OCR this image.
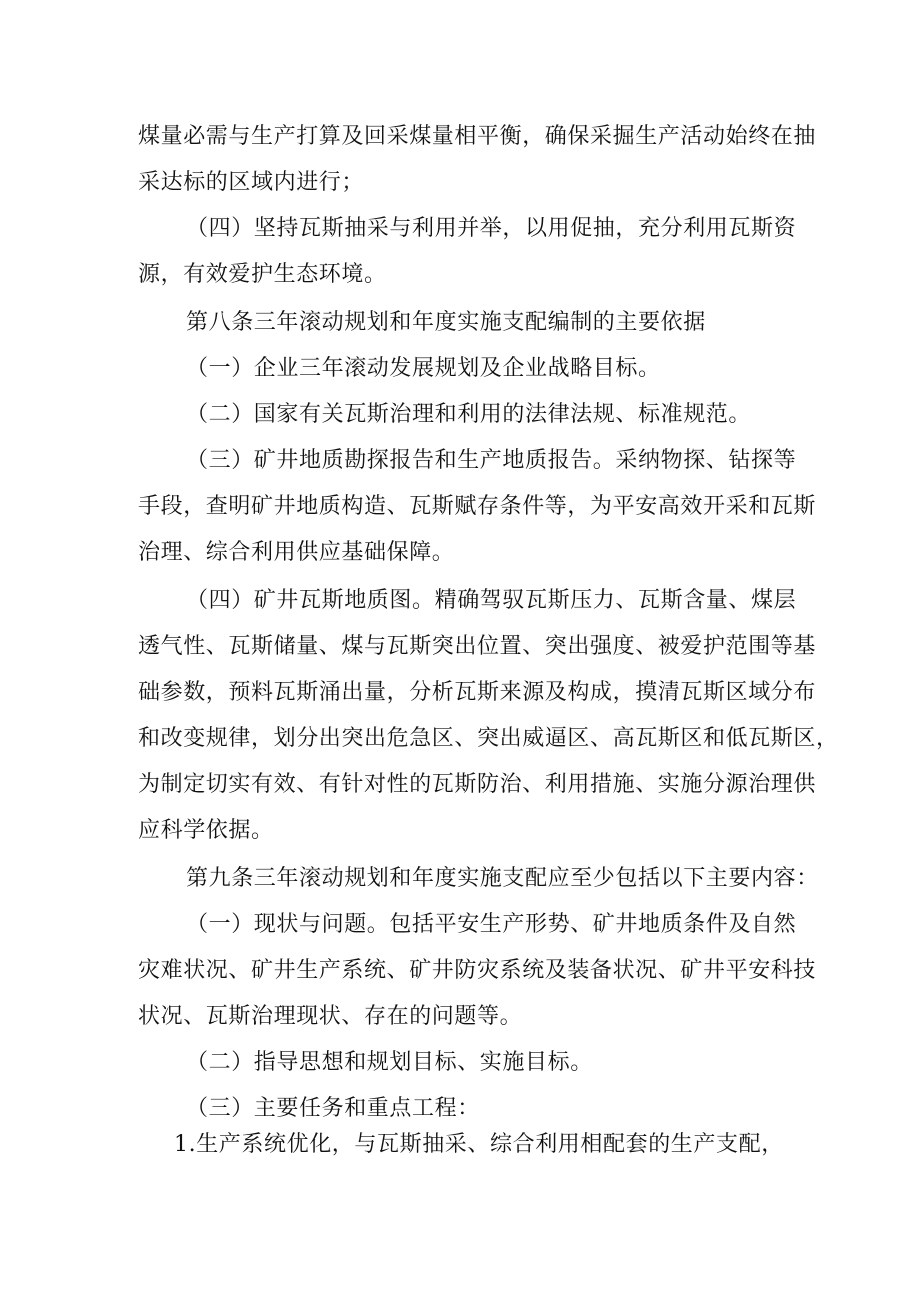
煤量必需与生产打算及回采煤量相平衡，确保采掘生产活动始终在抽

采达标的区域内进行；

（四）坚持瓦斯抽采与利用并举，以用促抽，充分利用瓦斯资

源，有效爱护生态环境。

第八条三年滚动规划和年度实施支配编制的主要依据

（一）企业三年滚动发展规划及企业战略目标。

（二）国家有关瓦斯治理和利用的法律法规、标准规范。

（三）矿井地质勘探报告和生产地质报告。采纳物探、钻探等

手段，查明矿井地质构造、瓦斯赋存条件等，为平安高效开采和瓦斯

治理、综合利用供应基础保障。

（四）矿井瓦斯地质图。精确驾驭瓦斯压力、瓦斯含量、煤层

透气性、瓦斯储量、煤与瓦斯突出位置、突出强度、被爱护范围等基

础参数，预料瓦斯涌出量，分析瓦斯来源及构成，摸清瓦斯区域分布

和改变规律，划分出突出危急区、突出威逼区、高瓦斯区和低瓦斯区，

为制定切实有效、有针对性的瓦斯防治、利用措施、实施分源治理供

应科学依据。

第九条三年滚动规划和年度实施支配应至少包括以下主要内容：

（一）现状与问题。包括平安生产形势、矿井地质条件及自然

灾难状况、矿井生产系统、矿井防灾系统及装备状况、矿井平安科技

状况、瓦斯治理现状、存在的问题等。

（二）指导思想和规划目标、实施目标。

（三）主要任务和重点工程：

1.生产系统优化，与瓦斯抽采、综合利用相配套的生产支配，
